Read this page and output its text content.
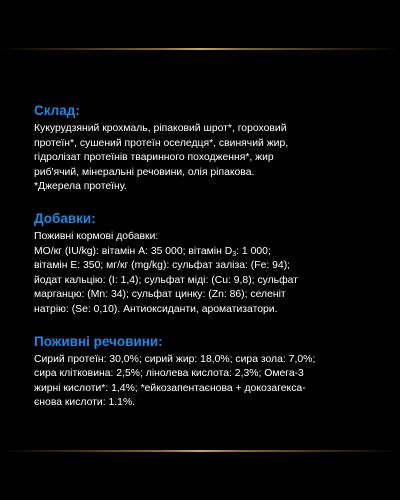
Склад:
Кукурудзяний крохмаль, ріпаковий шрот*, гороховий
протеїн*, сушений протеїн оселедця*, свинячий жир,
гідролізат протеїнів тваринного походження*, жир
риб'ячий, мінеральні речовини, олія ріпакова.
*Джерела протеїну.
Добавки:
Поживні кормові добавки:
МО/кг (IU/kg): вітамін А: 35 000; вітамін $D_3$: 1 000;
вітамін Е: 350; мг/кг (mg/kg): сульфат заліза: (Fe: 94);
йодат кальцію: (I: 1,4); сульфат міді: (Cu: 9,8); сульфат
марганцю: (Mn: 34); сульфат цинку: (Zn: 86); селеніт
натрію: (Se: 0,10). Антиоксиданти, ароматизатори.
Поживні речовини:
Сирий протеїн: 30,0%; сирий жир: 18,0%; сира зола: 7,0%;
сира клітковина: 2,5%; лінолева кислота: 2,3%; Омега-3
жирні кислоти*: 1,4%; *ейкозапентаєнова + докозагексa-
єнова кислоти: 1.1%.
